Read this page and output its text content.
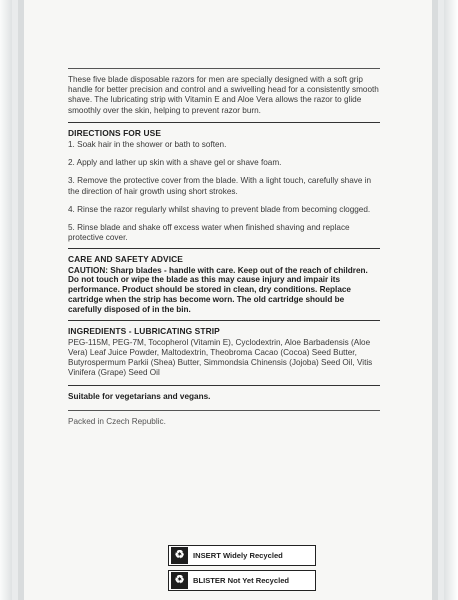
These five blade disposable razors for men are specially designed with a soft grip handle for better precision and control and a swivelling head for a consistently smooth shave. The lubricating strip with Vitamin E and Aloe Vera allows the razor to glide smoothly over the skin, helping to prevent razor burn.
DIRECTIONS FOR USE
1. Soak hair in the shower or bath to soften.
2. Apply and lather up skin with a shave gel or shave foam.
3. Remove the protective cover from the blade. With a light touch, carefully shave in the direction of hair growth using short strokes.
4. Rinse the razor regularly whilst shaving to prevent blade from becoming clogged.
5. Rinse blade and shake off excess water when finished shaving and replace protective cover.
CARE AND SAFETY ADVICE
CAUTION: Sharp blades - handle with care. Keep out of the reach of children. Do not touch or wipe the blade as this may cause injury and impair its performance. Product should be stored in clean, dry conditions. Replace cartridge when the strip has become worn. The old cartridge should be carefully disposed of in the bin.
INGREDIENTS - LUBRICATING STRIP
PEG-115M, PEG-7M, Tocopherol (Vitamin E), Cyclodextrin, Aloe Barbadensis (Aloe Vera) Leaf Juice Powder, Maltodextrin, Theobroma Cacao (Cocoa) Seed Butter, Butyrospermum Parkii (Shea) Butter, Simmondsia Chinensis (Jojoba) Seed Oil, Vitis Vinifera (Grape) Seed Oil
Suitable for vegetarians and vegans.
Packed in Czech Republic.
♻	INSERT Widely Recycled
♻	BLISTER Not Yet Recycled
